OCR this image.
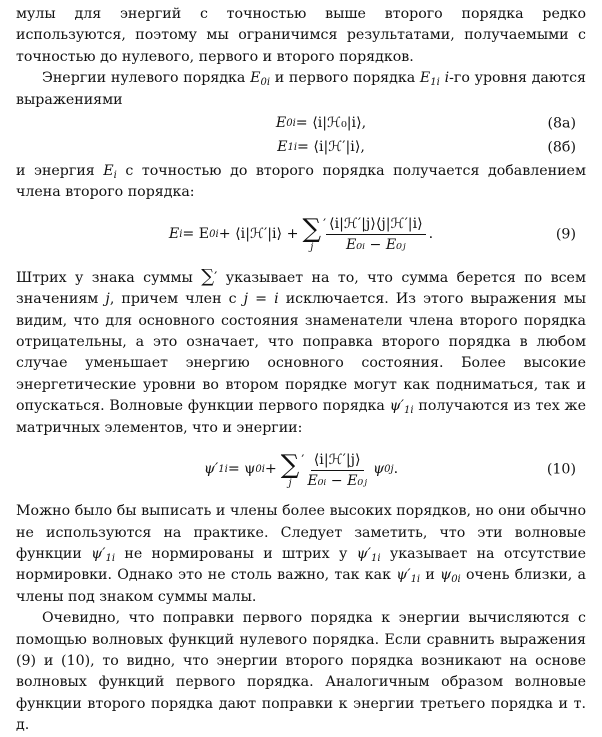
мулы для энергий с точностью выше второго порядка редко используются, поэтому мы ограничимся результатами, получаемыми с точностью до нулевого, первого и второго порядков.

Энергии нулевого порядка $E_{0i}$ и первого порядка $E_{1i}$ i-го уровня даются выражениями

E 0i = ⟨i|ℋ₀|i⟩,	(8a)
E 1i = ⟨i|ℋ′|i⟩,	(8б)

и энергия $E_i$ с точностью до второго порядка получается добавлением члена второго порядка:

E i = E 0i + ⟨i|ℋ′|i⟩ + ∑ ′
j $\frac{\text{⟨i|ℋ′|j⟩⟨j|ℋ′|i⟩}}{\text{E₀ᵢ − E₀ⱼ}}$ .	(9)

Штрих у знака суммы ∑′ указывает на то, что сумма берется по всем значениям j, причем член с j = i исключается. Из этого выражения мы видим, что для основного состояния знаменатели члена второго порядка отрицательны, а это означает, что поправка второго порядка в любом случае уменьшает энергию основного состояния. Более высокие энергетические уровни во втором порядке могут как подниматься, так и опускаться. Волновые функции первого порядка $\psi'_{1i}$ получаются из тех же матричных элементов, что и энергии:

ψ′ 1i = ψ 0i + ∑ ′
j $\frac{\text{⟨i|ℋ′|j⟩}}{\text{E₀ᵢ − E₀ⱼ}}$ ψ 0j .	(10)

Можно было бы выписать и члены более высоких порядков, но они обычно не используются на практике. Следует заметить, что эти волновые функции $\psi'_{1i}$ не нормированы и штрих у $\psi'_{1i}$ указывает на отсутствие нормировки. Однако это не столь важно, так как $\psi'_{1i}$ и $\psi_{0i}$ очень близки, а члены под знаком суммы малы.

Очевидно, что поправки первого порядка к энергии вычисляются с помощью волновых функций нулевого порядка. Если сравнить выражения (9) и (10), то видно, что энергии второго порядка возникают на основе волновых функций первого порядка. Аналогичным образом волновые функции второго порядка дают поправки к энергии третьего порядка и т. д.
